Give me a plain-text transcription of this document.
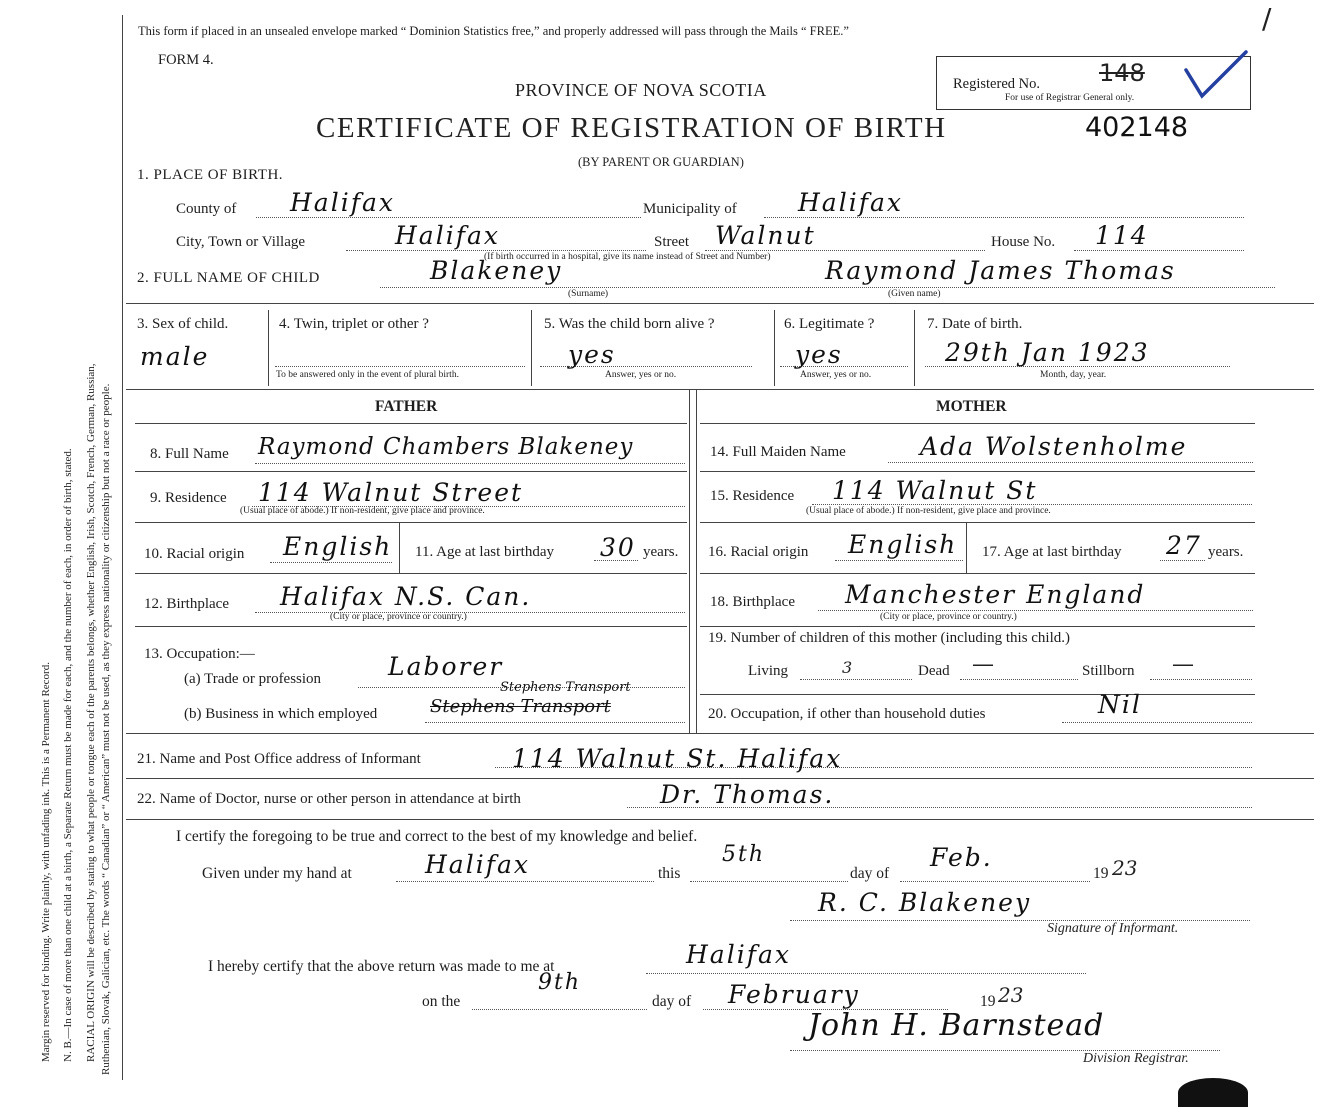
Margin reserved for binding. Write plainly, with unfading ink. This is a Permanent Record. N. B.—In case of more than one child at a birth, a Separate Return must be made for each, and the number of each, in order of birth, stated. RACIAL ORIGIN will be described by stating to what people or tongue each of the parents belongs, whether English, Irish, Scotch, French, German, Russian, Ruthenian, Slovak, Galician, etc. The words “ Canadian” or “ American” must not be used, as they express nationality or citizenship but not a race or people.
This form if placed in an unsealed envelope marked “ Dominion Statistics free,” and properly addressed will pass through the Mails “ FREE.”
FORM 4.
PROVINCE OF NOVA SCOTIA
CERTIFICATE OF REGISTRATION OF BIRTH	402148
(BY PARENT OR GUARDIAN)
Registered No. 148
For use of Registrar General only.
/
1. PLACE OF BIRTH.
County of Halifax	Municipality of Halifax
City, Town or Village	Halifax	Street Walnut	House No. 114
(If birth occurred in a hospital, give its name instead of Street and Number)
2. FULL NAME OF CHILD	Blakeney
(Surname)
Raymond James Thomas
(Given name)
3. Sex of child.
male
4. Twin, triplet or other ?
To be answered only in the event of plural birth.
5. Was the child born alive ?
yes
Answer, yes or no.
6. Legitimate ?
yes
Answer, yes or no.
7. Date of birth.
29th Jan 1923
Month, day, year.
FATHER	MOTHER
8. Full Name Raymond Chambers Blakeney	14. Full Maiden Name	Ada Wolstenholme
9. Residence 114 Walnut Street
(Usual place of abode.) If non-resident, give place and province.
15. Residence 114 Walnut St
(Usual place of abode.) If non-resident, give place and province.
10. Racial origin English 11. Age at last birthday 30 years. 16. Racial origin English 17. Age at last birthday 27 years.
12. Birthplace Halifax N.S. Can.
(City or place, province or country.)
18. Birthplace Manchester England
(City or place, province or country.)
13. Occupation:—
(a) Trade or profession	Laborer
(b) Business in which employed
Stephens Transport
Stephens Transport
19. Number of children of this mother (including this child.)
Living	3	Dead —	Stillborn —
20. Occupation, if other than household duties	Nil
21. Name and Post Office address of Informant	114 Walnut St. Halifax
22. Name of Doctor, nurse or other person in attendance at birth	Dr. Thomas.
I certify the foregoing to be true and correct to the best of my knowledge and belief.
Given under my hand at	Halifax	this
5th
day of
Feb.
19 23
R. C. Blakeney
Signature of Informant.
I hereby certify that the above return was made to me at	Halifax
on the
9th
day of February	19 23
John H. Barnstead
Division Registrar.
